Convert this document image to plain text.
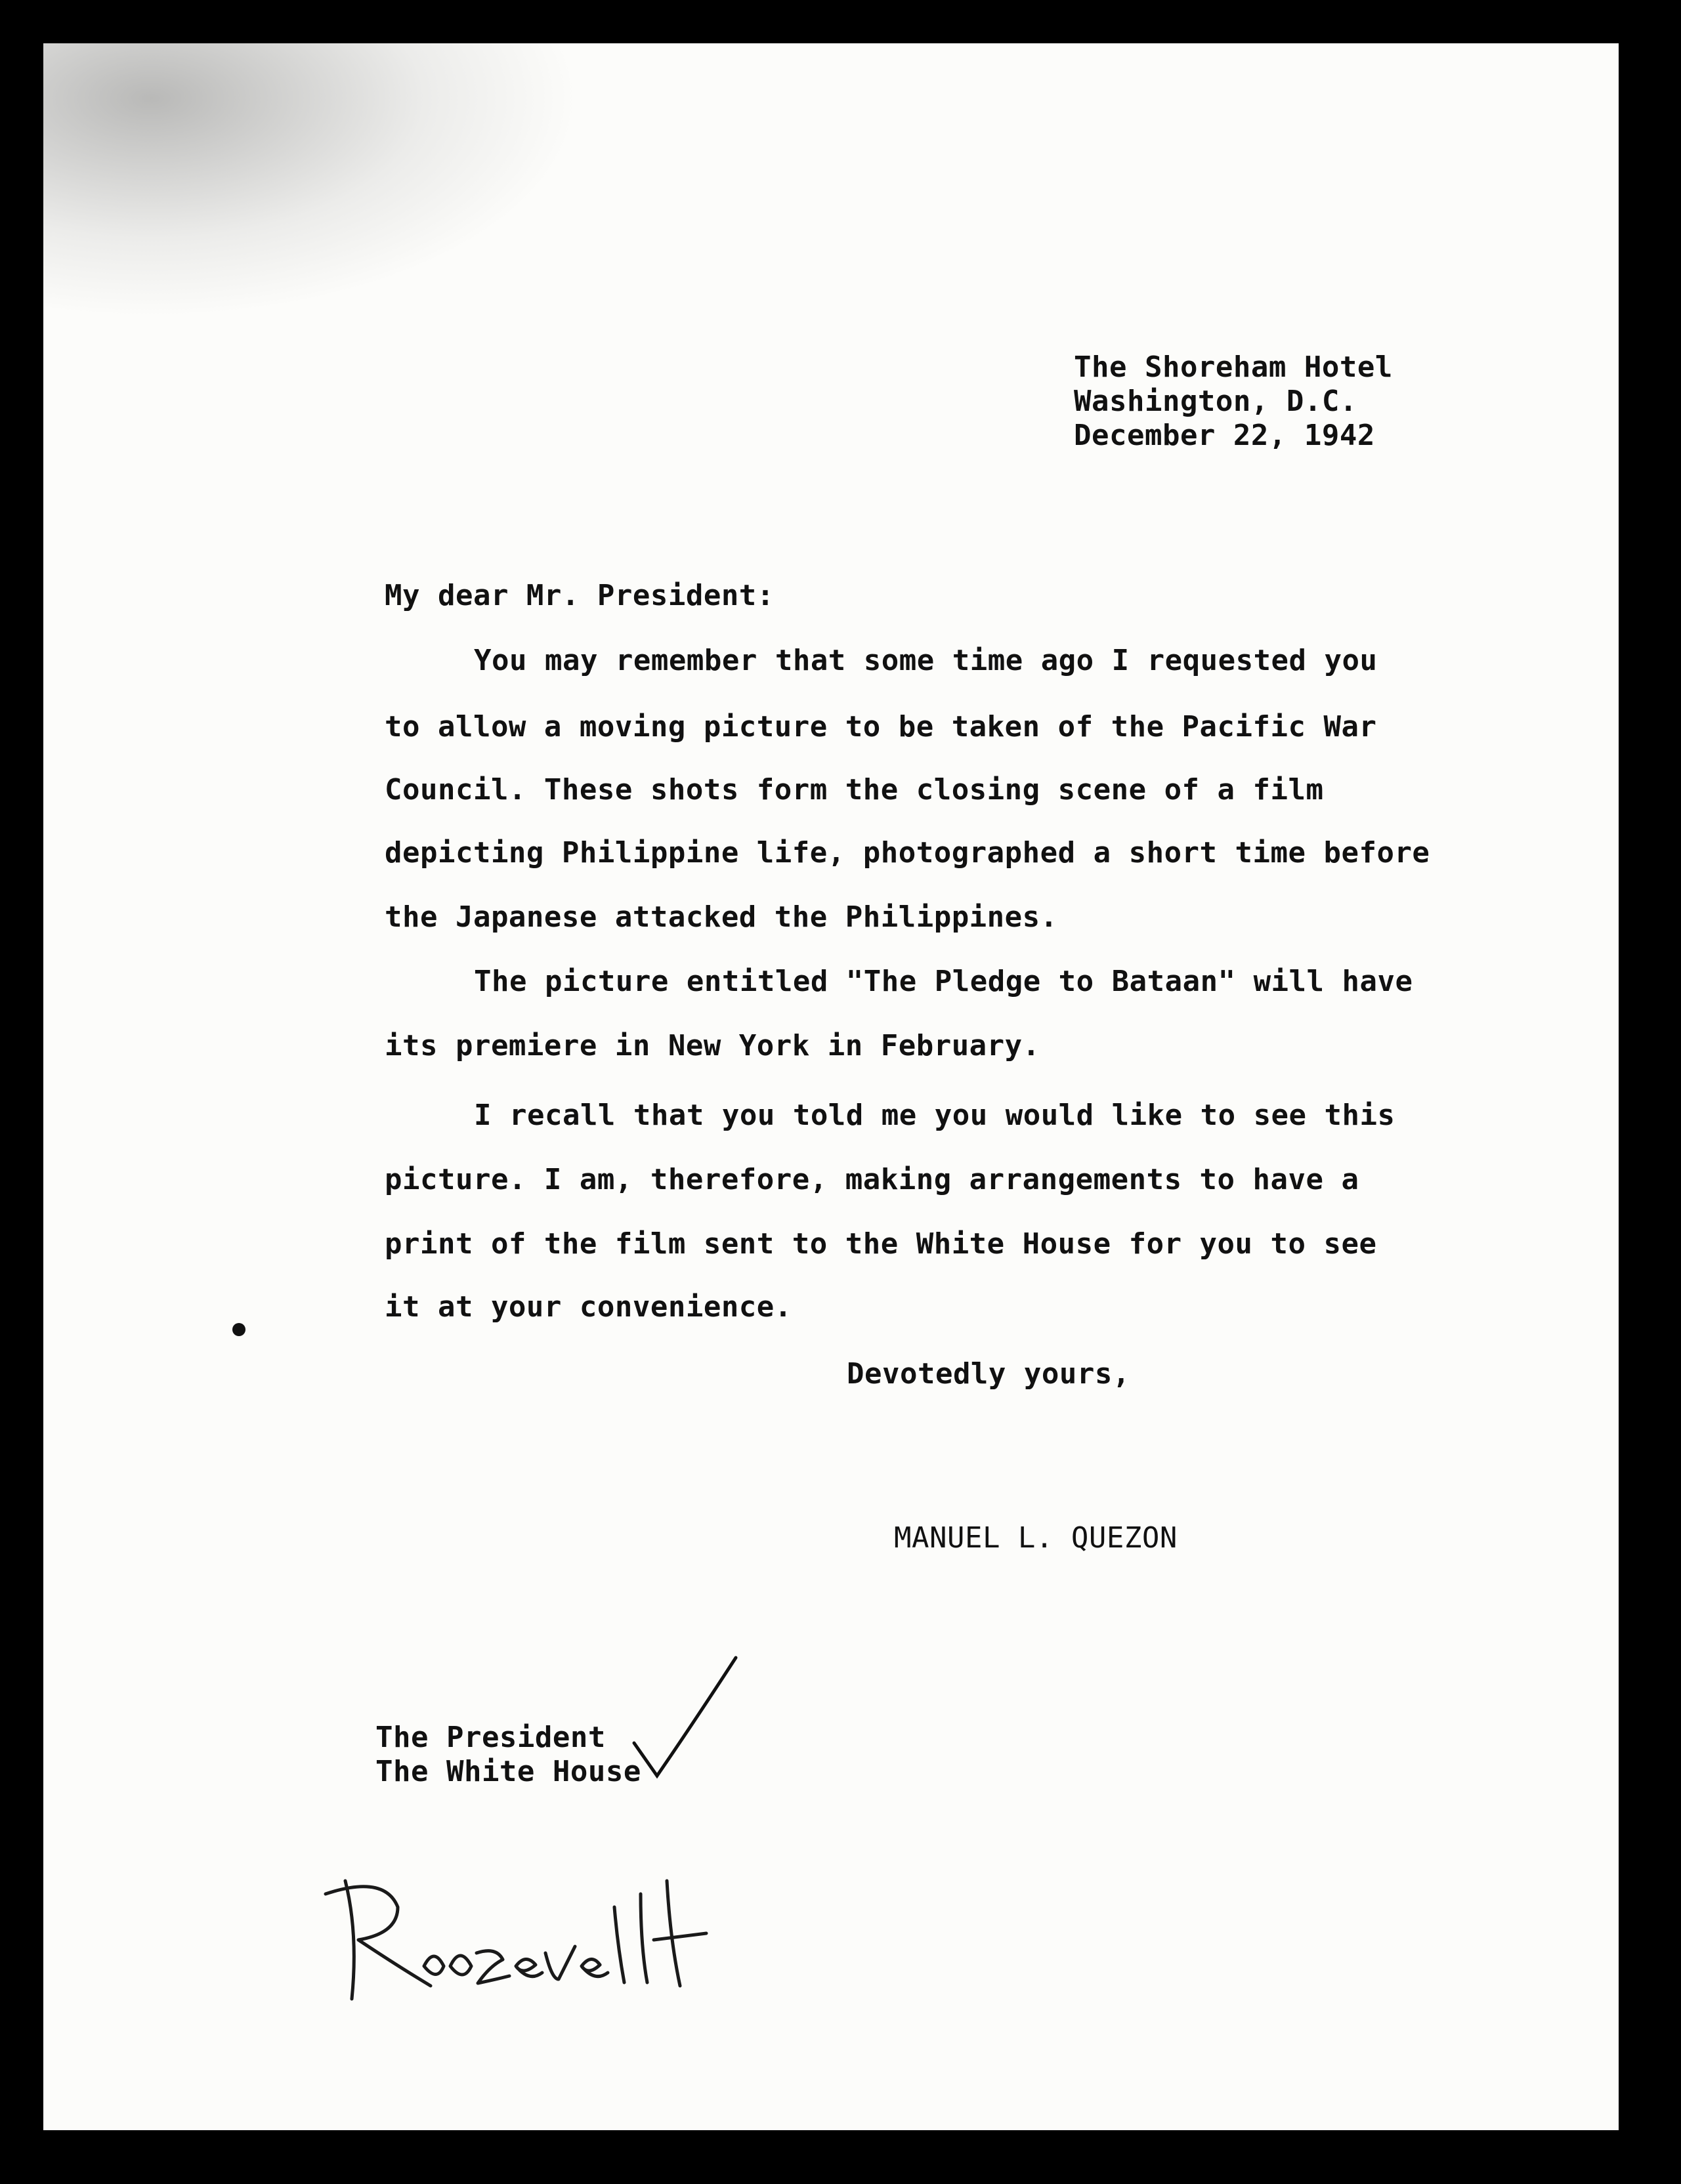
The Shoreham Hotel
Washington, D.C.
December 22, 1942
My dear Mr. President:
You may remember that some time ago I requested you
to allow a moving picture to be taken of the Pacific War
Council. These shots form the closing scene of a film
depicting Philippine life, photographed a short time before
the Japanese attacked the Philippines.
The picture entitled "The Pledge to Bataan" will have
its premiere in New York in February.
I recall that you told me you would like to see this
picture. I am, therefore, making arrangements to have a
print of the film sent to the White House for you to see
it at your convenience.
Devotedly yours,
MANUEL L. QUEZON
The President
The White House
